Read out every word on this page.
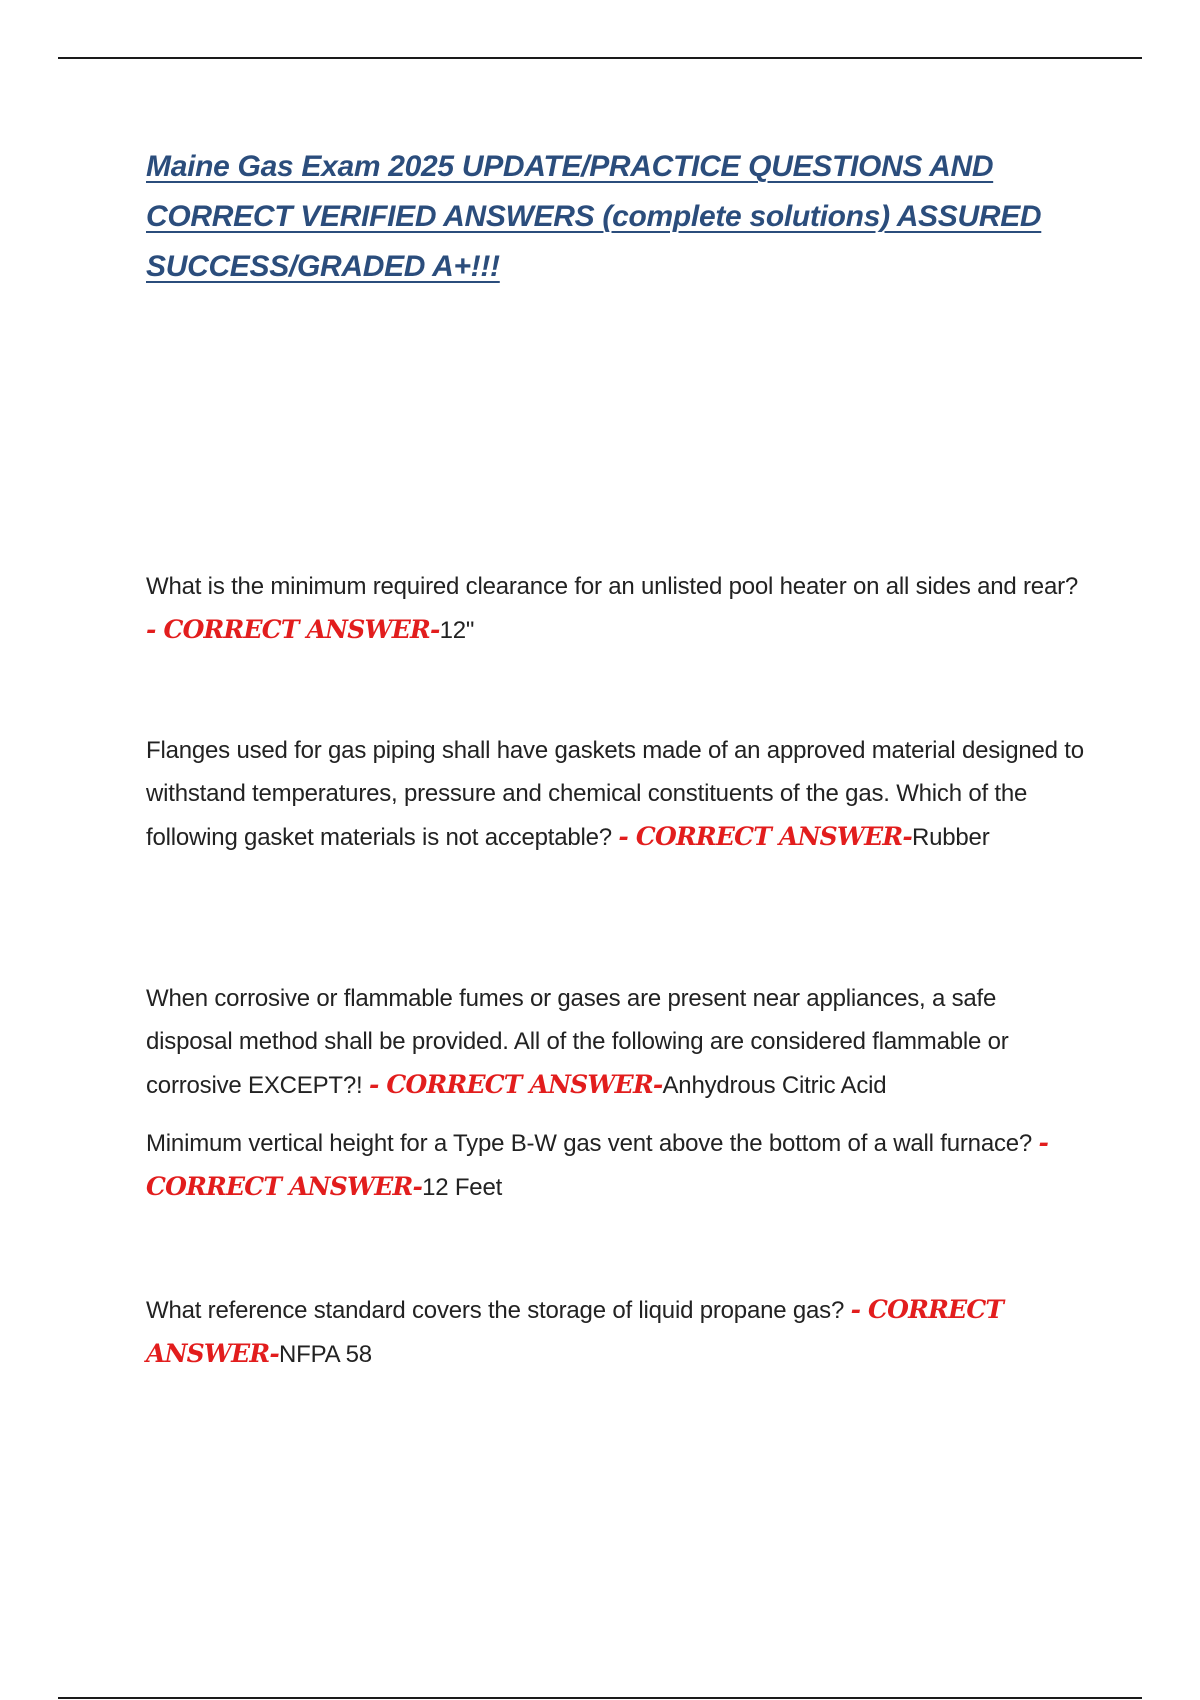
Maine Gas Exam 2025 UPDATE/PRACTICE QUESTIONS AND CORRECT VERIFIED ANSWERS (complete solutions) ASSURED SUCCESS/GRADED A+!!!

What is the minimum required clearance for an unlisted pool heater on all sides and rear? - CORRECT ANSWER-12"

Flanges used for gas piping shall have gaskets made of an approved material designed to withstand temperatures, pressure and chemical constituents of the gas. Which of the following gasket materials is not acceptable? - CORRECT ANSWER-Rubber

When corrosive or flammable fumes or gases are present near appliances, a safe disposal method shall be provided. All of the following are considered flammable or corrosive EXCEPT?! - CORRECT ANSWER-Anhydrous Citric Acid

Minimum vertical height for a Type B-W gas vent above the bottom of a wall furnace? - CORRECT ANSWER-12 Feet

What reference standard covers the storage of liquid propane gas? - CORRECT ANSWER-NFPA 58
